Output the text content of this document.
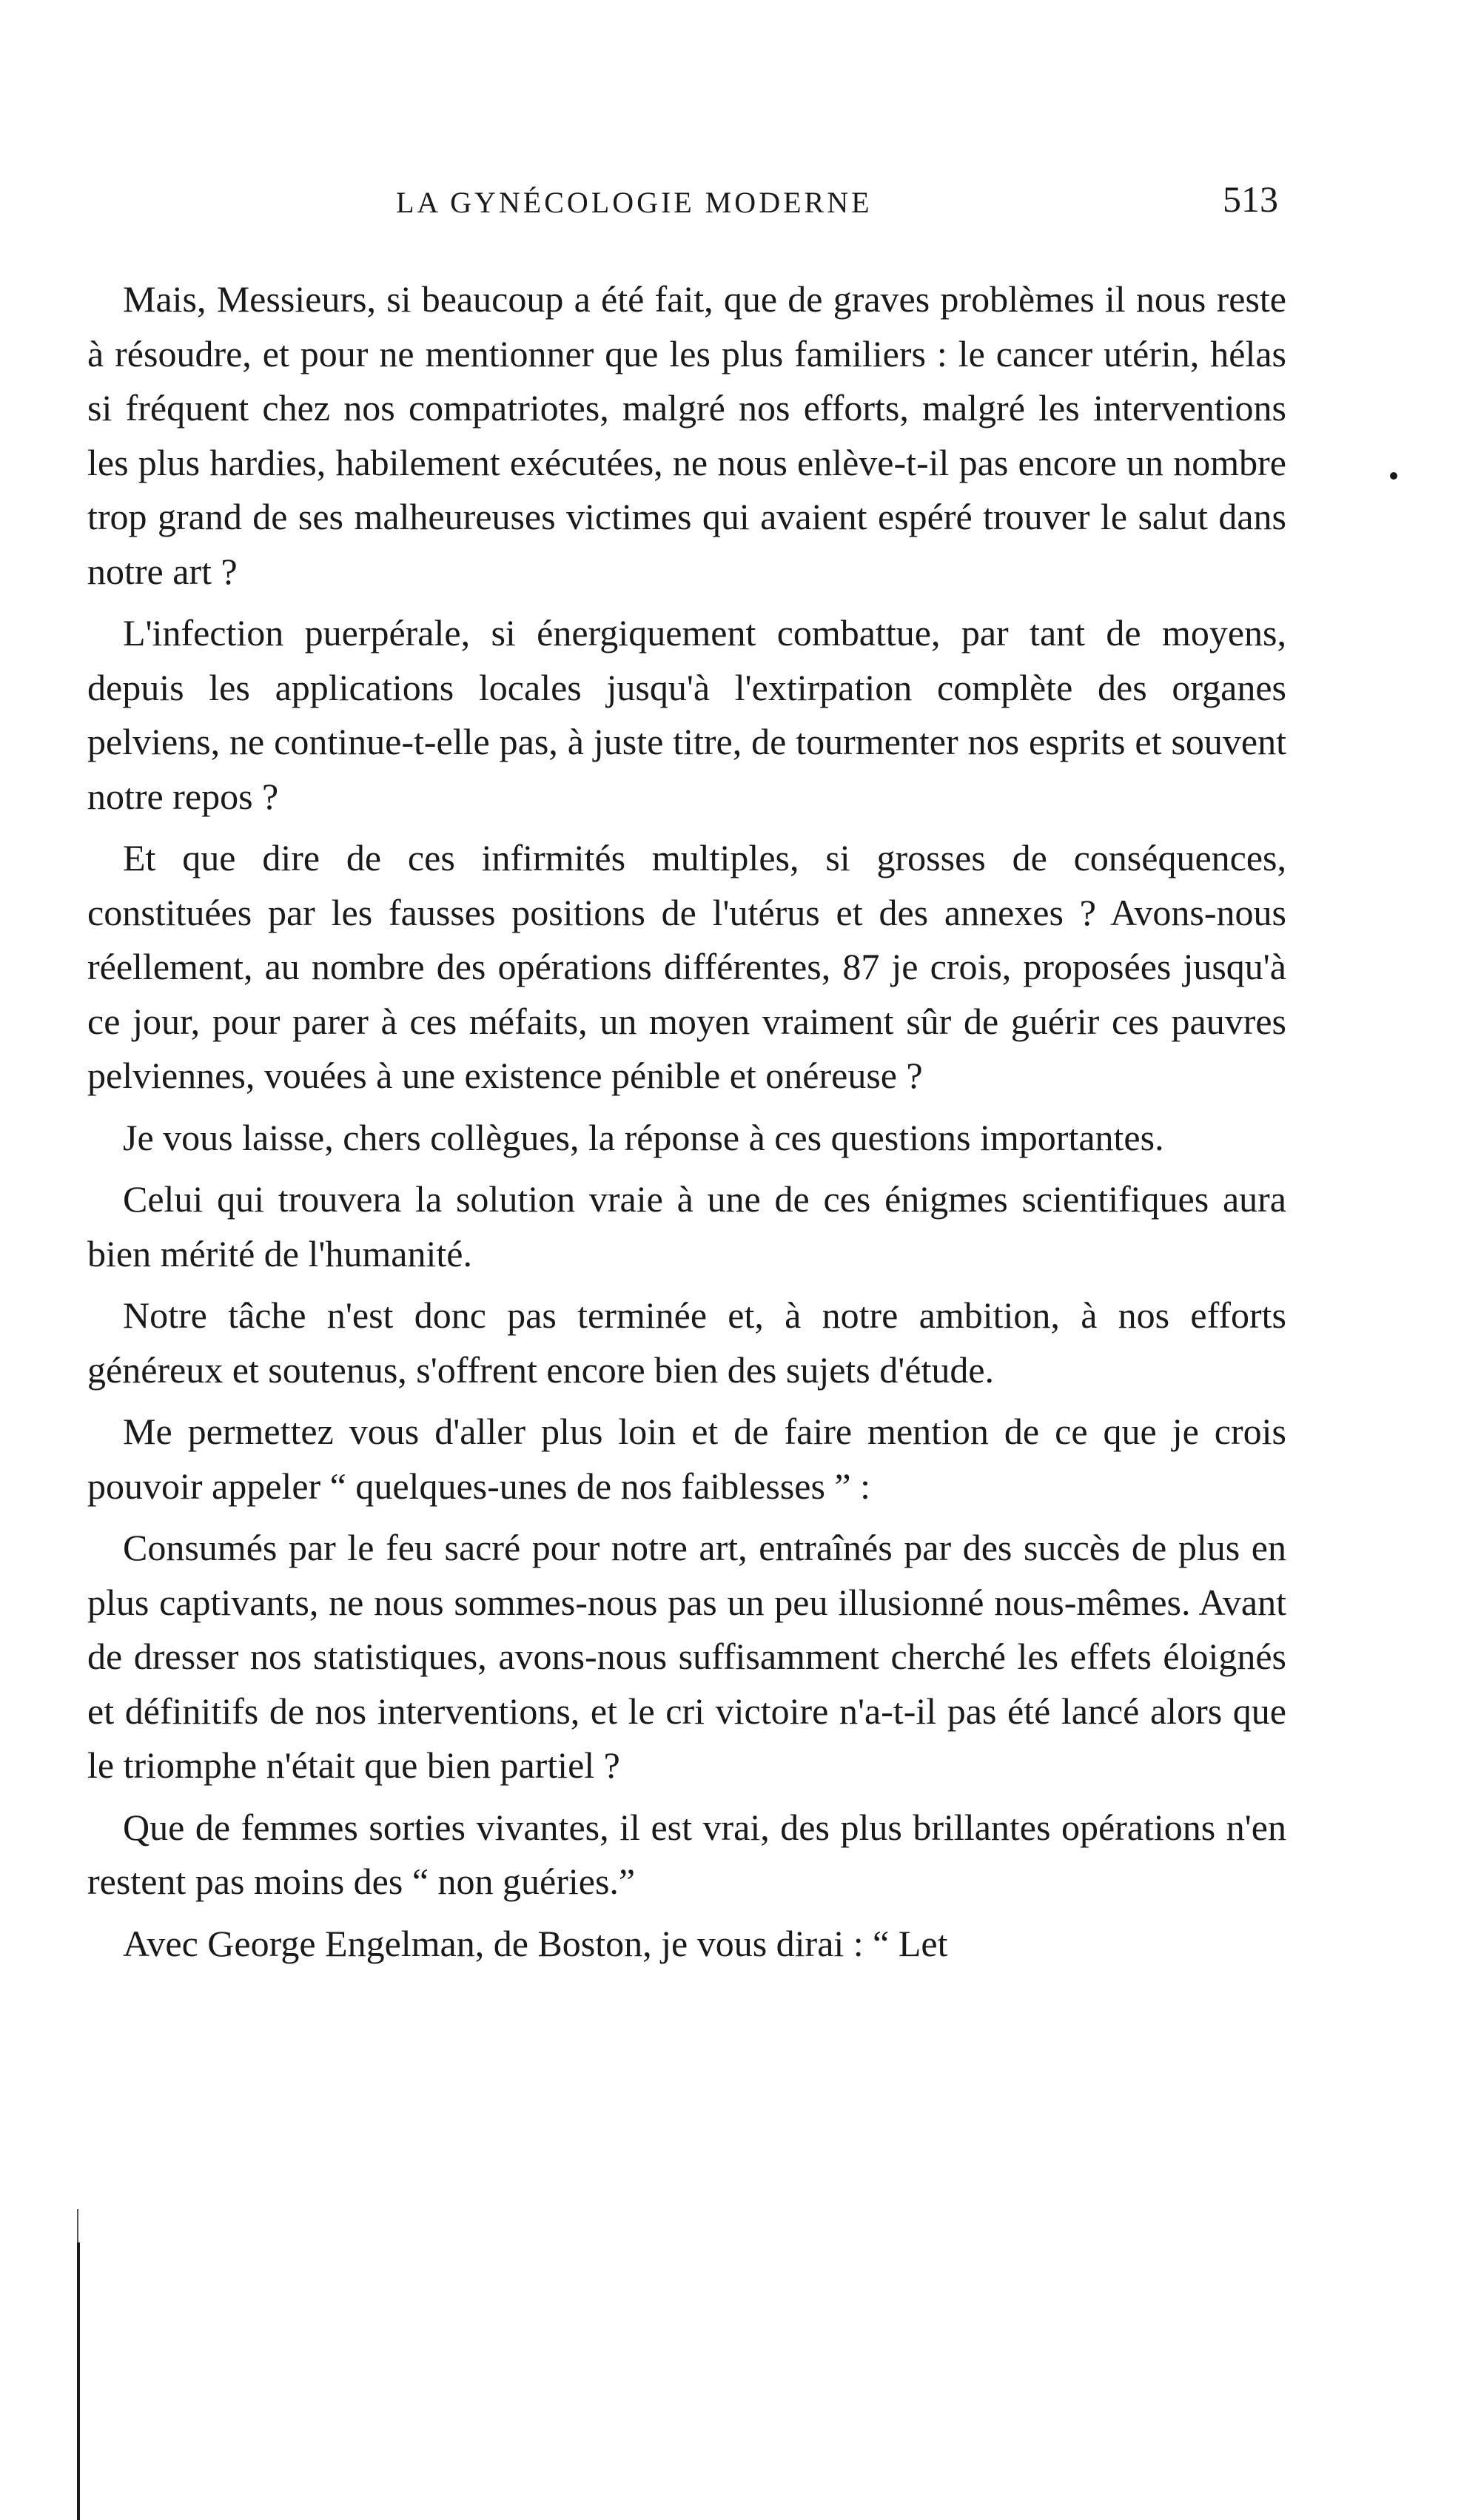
LA GYNÉCOLOGIE MODERNE	513

Mais, Messieurs, si beaucoup a été fait, que de graves problèmes il nous reste à résoudre, et pour ne mentionner que les plus familiers : le cancer utérin, hélas si fréquent chez nos compatriotes, malgré nos efforts, malgré les interventions les plus hardies, habilement exécutées, ne nous enlève-t-il pas encore un nombre trop grand de ses malheureuses victimes qui avaient espéré trouver le salut dans notre art ?

L'infection puerpérale, si énergiquement combattue, par tant de moyens, depuis les applications locales jusqu'à l'extirpation complète des organes pelviens, ne continue-t-elle pas, à juste titre, de tourmenter nos esprits et souvent notre repos ?

Et que dire de ces infirmités multiples, si grosses de conséquences, constituées par les fausses positions de l'utérus et des annexes ? Avons-nous réellement, au nombre des opérations différentes, 87 je crois, proposées jusqu'à ce jour, pour parer à ces méfaits, un moyen vraiment sûr de guérir ces pauvres pelviennes, vouées à une existence pénible et onéreuse ?

Je vous laisse, chers collègues, la réponse à ces questions importantes.

Celui qui trouvera la solution vraie à une de ces énigmes scientifiques aura bien mérité de l'humanité.

Notre tâche n'est donc pas terminée et, à notre ambition, à nos efforts généreux et soutenus, s'offrent encore bien des sujets d'étude.

Me permettez vous d'aller plus loin et de faire mention de ce que je crois pouvoir appeler “ quelques-unes de nos faiblesses ” :

Consumés par le feu sacré pour notre art, entraînés par des succès de plus en plus captivants, ne nous sommes-nous pas un peu illusionné nous-mêmes. Avant de dresser nos statistiques, avons-nous suffisamment cherché les effets éloignés et définitifs de nos interventions, et le cri victoire n'a-t-il pas été lancé alors que le triomphe n'était que bien partiel ?

Que de femmes sorties vivantes, il est vrai, des plus brillantes opérations n'en restent pas moins des “ non guéries.”

Avec George Engelman, de Boston, je vous dirai : “ Let
